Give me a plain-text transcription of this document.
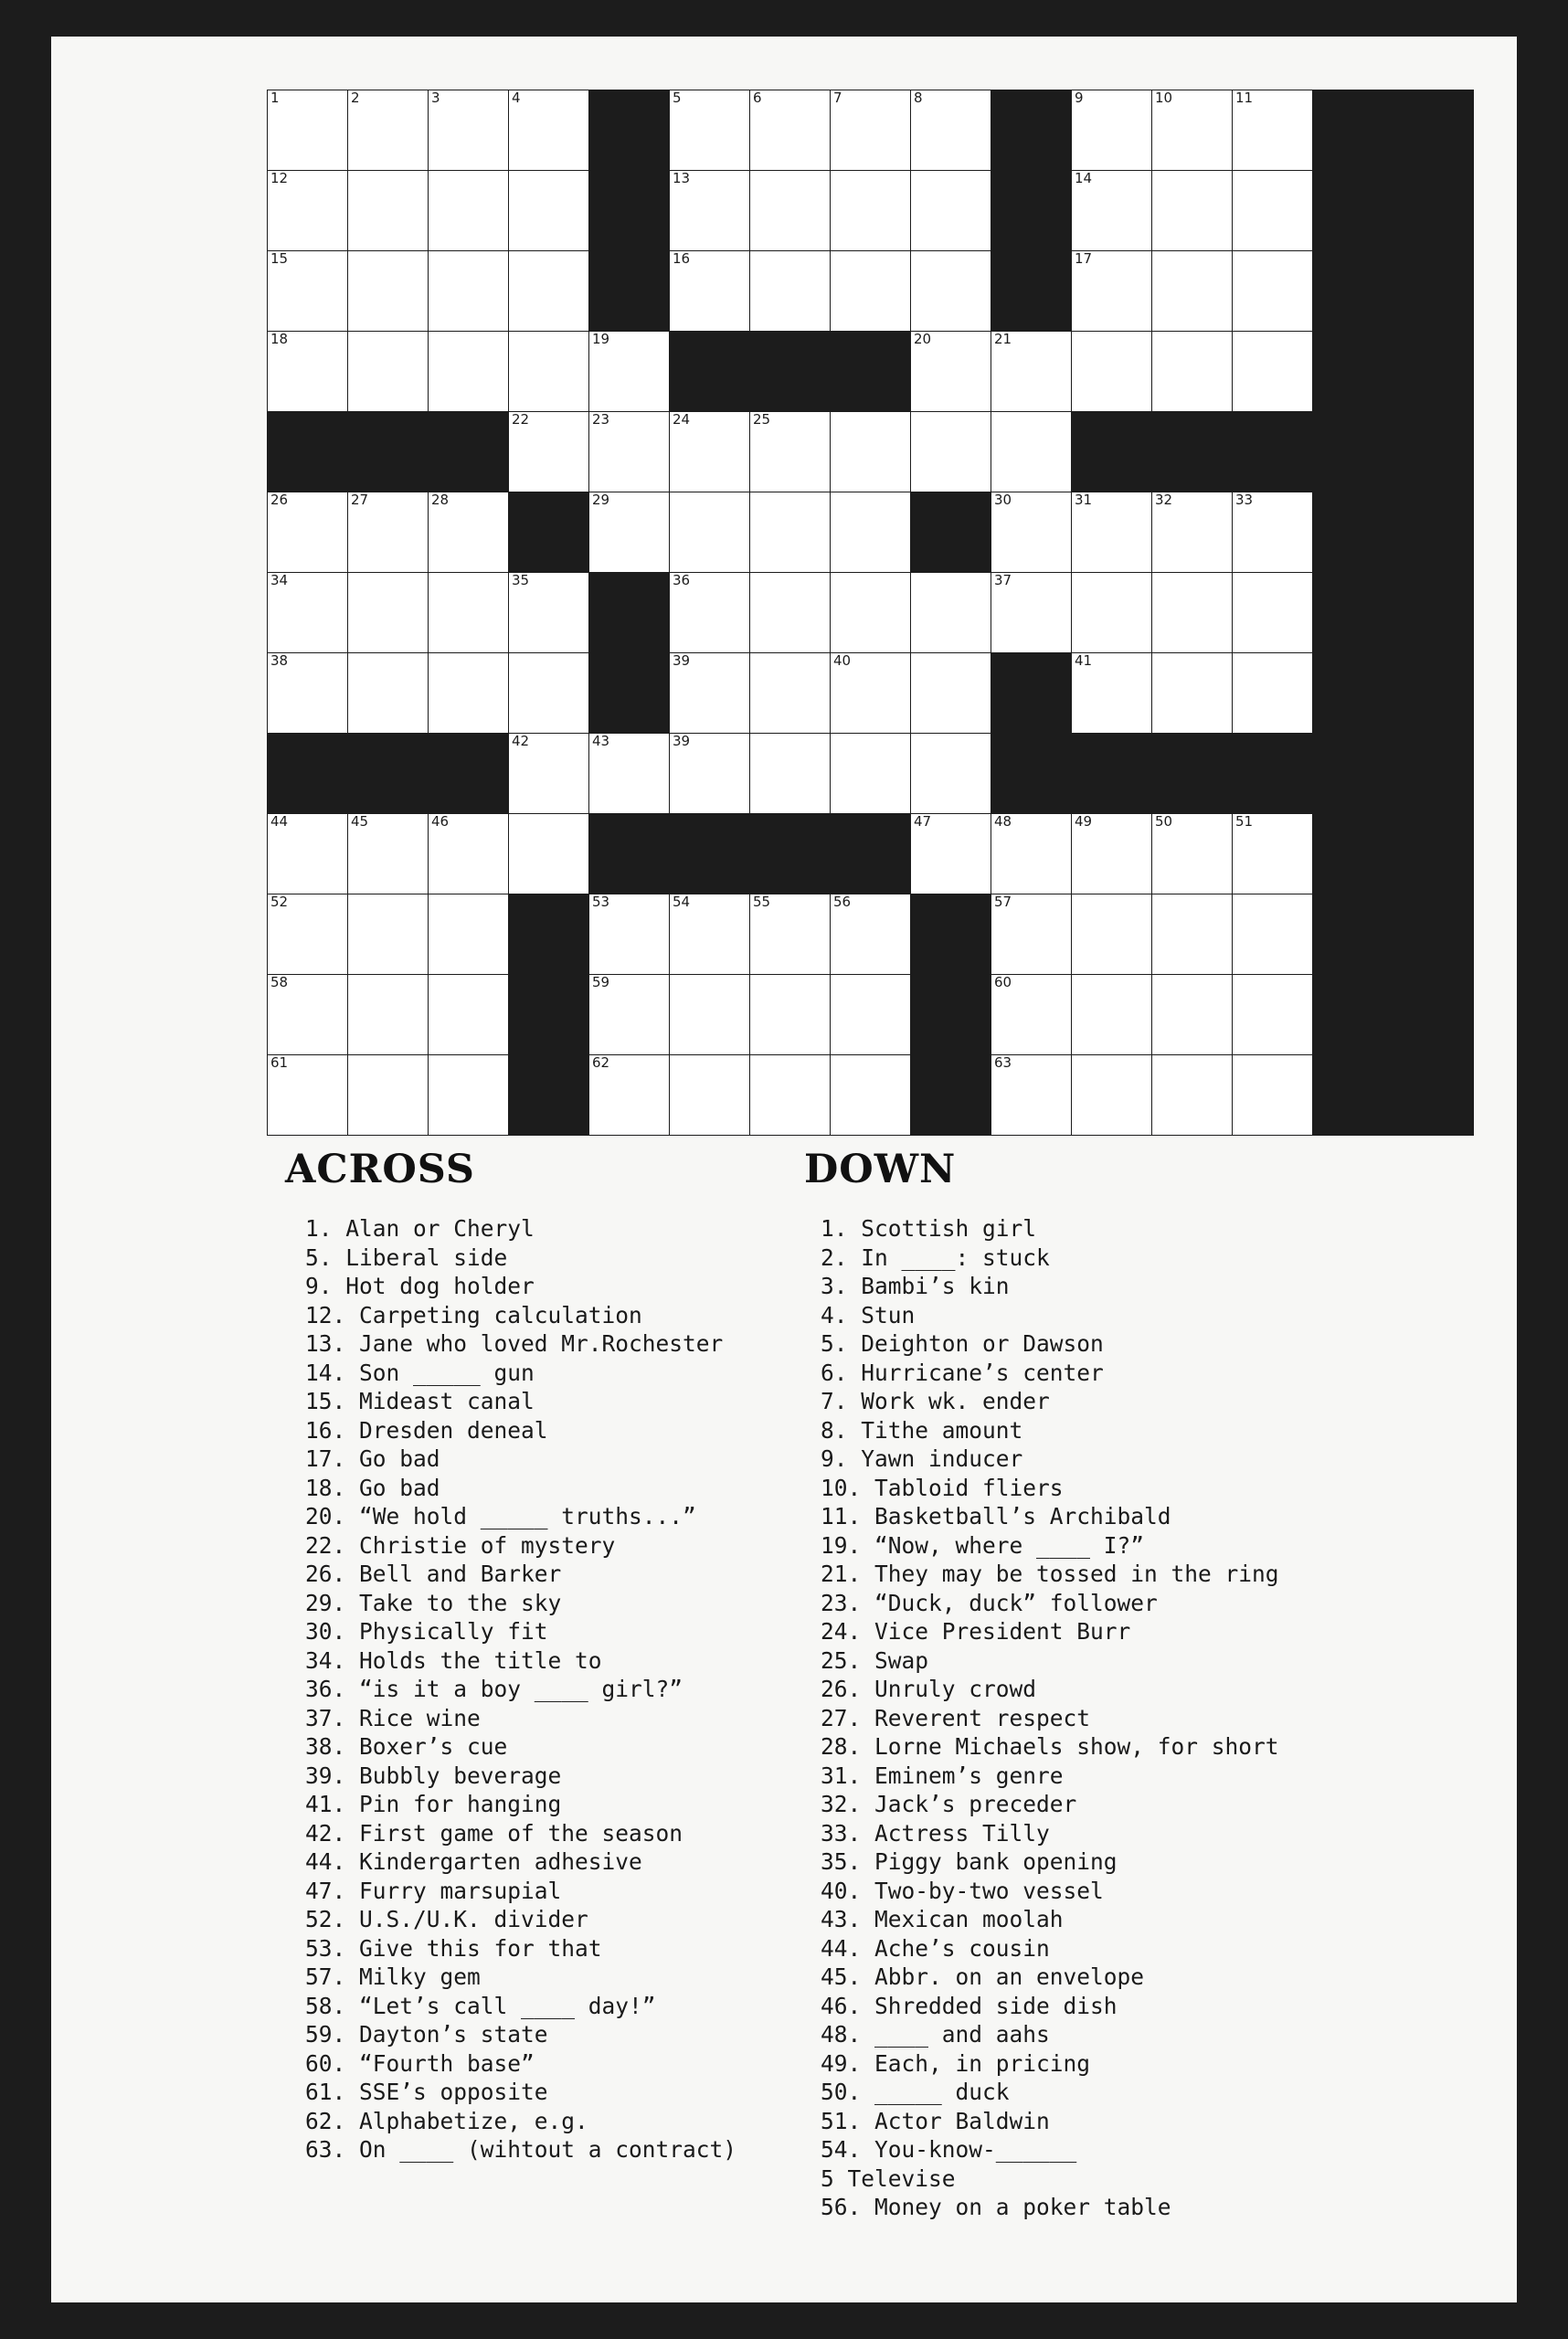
1	2	3	4		5	6	7	8		9	10	11		

12					13					14				

15					16					17				

18				19				20	21					

			22	23	24	25								

26	27	28		29					30	31	32	33		

34			35		36				37					

38					39		40			41				

			42	43	39									

44	45	46						47	48	49	50	51		

52				53	54	55	56		57					

58				59					60					

61				62					63					

ACROSS
1. Alan or Cheryl
5. Liberal side
9. Hot dog holder
12. Carpeting calculation
13. Jane who loved Mr.Rochester
14. Son _____ gun
15. Mideast canal
16. Dresden deneal
17. Go bad
18. Go bad
20. “We hold _____ truths...”
22. Christie of mystery
26. Bell and Barker
29. Take to the sky
30. Physically fit
34. Holds the title to
36. “is it a boy ____ girl?”
37. Rice wine
38. Boxer’s cue
39. Bubbly beverage
41. Pin for hanging
42. First game of the season
44. Kindergarten adhesive
47. Furry marsupial
52. U.S./U.K. divider
53. Give this for that
57. Milky gem
58. “Let’s call ____ day!”
59. Dayton’s state
60. “Fourth base”
61. SSE’s opposite
62. Alphabetize, e.g.
63. On ____ (wihtout a contract)
DOWN
1. Scottish girl
2. In ____: stuck
3. Bambi’s kin
4. Stun
5. Deighton or Dawson
6. Hurricane’s center
7. Work wk. ender
8. Tithe amount
9. Yawn inducer
10. Tabloid fliers
11. Basketball’s Archibald
19. “Now, where ____ I?”
21. They may be tossed in the ring
23. “Duck, duck” follower
24. Vice President Burr
25. Swap
26. Unruly crowd
27. Reverent respect
28. Lorne Michaels show, for short
31. Eminem’s genre
32. Jack’s preceder
33. Actress Tilly
35. Piggy bank opening
40. Two-by-two vessel
43. Mexican moolah
44. Ache’s cousin
45. Abbr. on an envelope
46. Shredded side dish
48. ____ and aahs
49. Each, in pricing
50. _____ duck
51. Actor Baldwin
54. You-know-______
5 Televise
56. Money on a poker table
